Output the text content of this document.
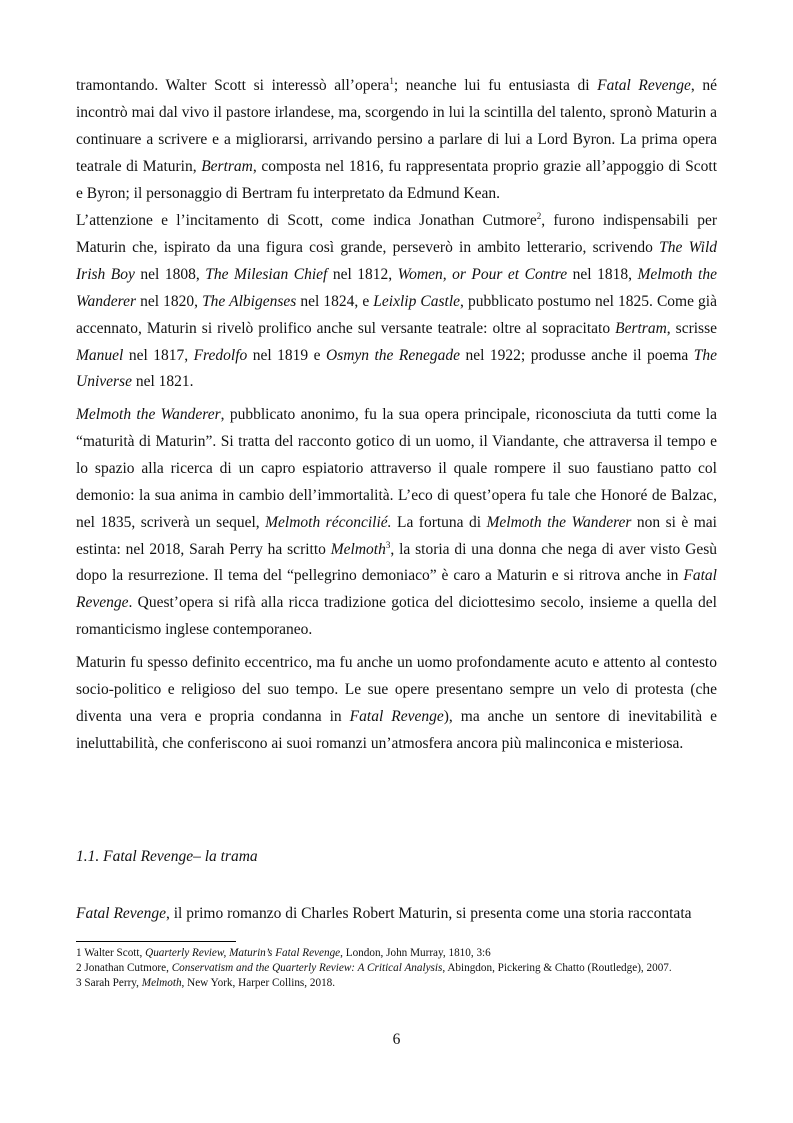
tramontando. Walter Scott si interessò all’opera$^1$; neanche lui fu entusiasta di Fatal Revenge, né incontrò mai dal vivo il pastore irlandese, ma, scorgendo in lui la scintilla del talento, spronò Maturin a continuare a scrivere e a migliorarsi, arrivando persino a parlare di lui a Lord Byron. La prima opera teatrale di Maturin, Bertram, composta nel 1816, fu rappresentata proprio grazie all’appoggio di Scott e Byron; il personaggio di Bertram fu interpretato da Edmund Kean.

L’attenzione e l’incitamento di Scott, come indica Jonathan Cutmore$^2$, furono indispensabili per Maturin che, ispirato da una figura così grande, perseverò in ambito letterario, scrivendo The Wild Irish Boy nel 1808, The Milesian Chief nel 1812, Women, or Pour et Contre nel 1818, Melmoth the Wanderer nel 1820, The Albigenses nel 1824, e Leixlip Castle, pubblicato postumo nel 1825. Come già accennato, Maturin si rivelò prolifico anche sul versante teatrale: oltre al sopracitato Bertram, scrisse Manuel nel 1817, Fredolfo nel 1819 e Osmyn the Renegade nel 1922; produsse anche il poema The Universe nel 1821.

Melmoth the Wanderer, pubblicato anonimo, fu la sua opera principale, riconosciuta da tutti come la “maturità di Maturin”. Si tratta del racconto gotico di un uomo, il Viandante, che attraversa il tempo e lo spazio alla ricerca di un capro espiatorio attraverso il quale rompere il suo faustiano patto col demonio: la sua anima in cambio dell’immortalità. L’eco di quest’opera fu tale che Honoré de Balzac, nel 1835, scriverà un sequel, Melmoth réconcilié. La fortuna di Melmoth the Wanderer non si è mai estinta: nel 2018, Sarah Perry ha scritto Melmoth$^3$, la storia di una donna che nega di aver visto Gesù dopo la resurrezione. Il tema del “pellegrino demoniaco” è caro a Maturin e si ritrova anche in Fatal Revenge. Quest’opera si rifà alla ricca tradizione gotica del diciottesimo secolo, insieme a quella del romanticismo inglese contemporaneo.

Maturin fu spesso definito eccentrico, ma fu anche un uomo profondamente acuto e attento al contesto socio-politico e religioso del suo tempo. Le sue opere presentano sempre un velo di protesta (che diventa una vera e propria condanna in Fatal Revenge), ma anche un sentore di inevitabilità e ineluttabilità, che conferiscono ai suoi romanzi un’atmosfera ancora più malinconica e misteriosa.

1.1. Fatal Revenge– la trama

Fatal Revenge, il primo romanzo di Charles Robert Maturin, si presenta come una storia raccontata

1 Walter Scott, Quarterly Review, Maturin’s Fatal Revenge, London, John Murray, 1810, 3:6

2 Jonathan Cutmore, Conservatism and the Quarterly Review: A Critical Analysis, Abingdon, Pickering & Chatto (Routledge), 2007.

3 Sarah Perry, Melmoth, New York, Harper Collins, 2018.

6
